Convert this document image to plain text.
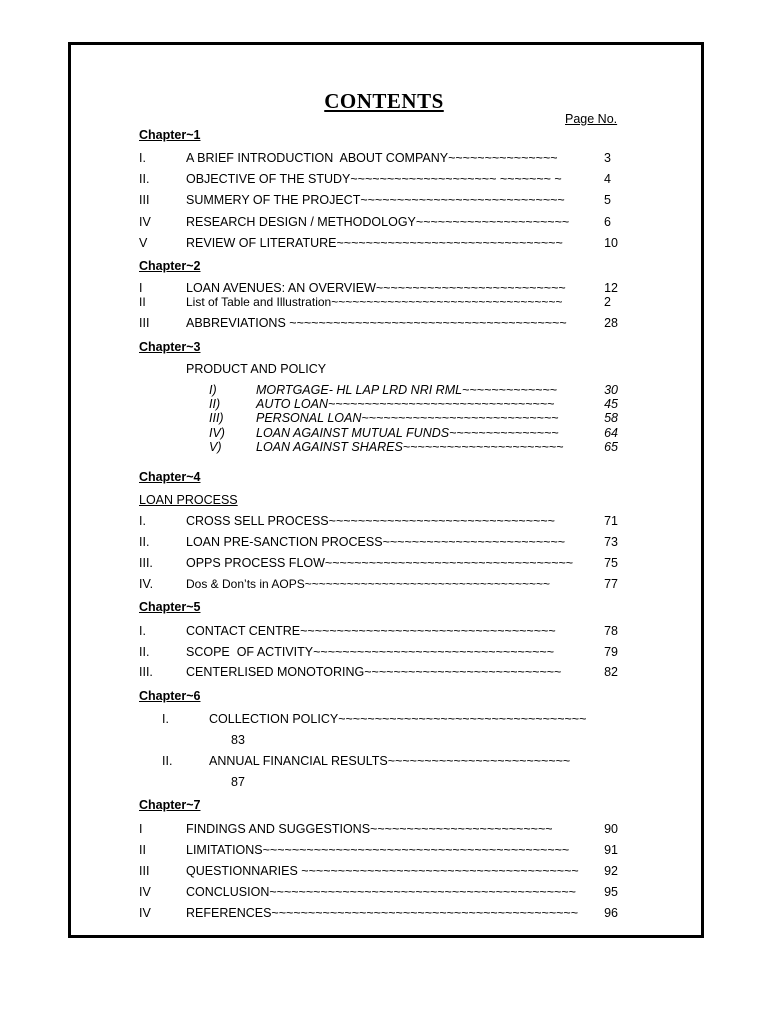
CONTENTS
Page No.
Chapter~1
I.	A BRIEF INTRODUCTION  ABOUT COMPANY~~~~~~~~~~~~~~~	3
II.	OBJECTIVE OF THE STUDY~~~~~~~~~~~~~~~~~~~~ ~~~~~~~ ~	4
III	SUMMERY OF THE PROJECT~~~~~~~~~~~~~~~~~~~~~~~~~~~~	5
IV	RESEARCH DESIGN / METHODOLOGY~~~~~~~~~~~~~~~~~~~~~	6
V	REVIEW OF LITERATURE~~~~~~~~~~~~~~~~~~~~~~~~~~~~~~~	10
Chapter~2
I	LOAN AVENUES: AN OVERVIEW~~~~~~~~~~~~~~~~~~~~~~~~~~	12
II	List of Table and Illustration~~~~~~~~~~~~~~~~~~~~~~~~~~~~~~~~~	2
III	ABBREVIATIONS ~~~~~~~~~~~~~~~~~~~~~~~~~~~~~~~~~~~~~~	28
Chapter~3
PRODUCT AND POLICY
I)	MORTGAGE- HL LAP LRD NRI RML~~~~~~~~~~~~~	30
II)	AUTO LOAN~~~~~~~~~~~~~~~~~~~~~~~~~~~~~~~	45
III)	PERSONAL LOAN~~~~~~~~~~~~~~~~~~~~~~~~~~~	58
IV) LOAN AGAINST MUTUAL FUNDS~~~~~~~~~~~~~~~	64
V)	LOAN AGAINST SHARES~~~~~~~~~~~~~~~~~~~~~~	65
Chapter~4
LOAN PROCESS
I.	CROSS SELL PROCESS~~~~~~~~~~~~~~~~~~~~~~~~~~~~~~~	71
II.	LOAN PRE-SANCTION PROCESS~~~~~~~~~~~~~~~~~~~~~~~~~	73
III.	OPPS PROCESS FLOW~~~~~~~~~~~~~~~~~~~~~~~~~~~~~~~~~~	75
IV.	Dos & Don’ts in AOPS~~~~~~~~~~~~~~~~~~~~~~~~~~~~~~~~~~~	77
Chapter~5
I.	CONTACT CENTRE~~~~~~~~~~~~~~~~~~~~~~~~~~~~~~~~~~~	78
II.	SCOPE  OF ACTIVITY~~~~~~~~~~~~~~~~~~~~~~~~~~~~~~~~~	79
III.	CENTERLISED MONOTORING~~~~~~~~~~~~~~~~~~~~~~~~~~~	82
Chapter~6
I.	COLLECTION POLICY~~~~~~~~~~~~~~~~~~~~~~~~~~~~~~~~~~
83
II.	ANNUAL FINANCIAL RESULTS~~~~~~~~~~~~~~~~~~~~~~~~~
87
Chapter~7
I	FINDINGS AND SUGGESTIONS~~~~~~~~~~~~~~~~~~~~~~~~~	90
II	LIMITATIONS~~~~~~~~~~~~~~~~~~~~~~~~~~~~~~~~~~~~~~~~~~	91
III	QUESTIONNARIES ~~~~~~~~~~~~~~~~~~~~~~~~~~~~~~~~~~~~~~	92
IV	CONCLUSION~~~~~~~~~~~~~~~~~~~~~~~~~~~~~~~~~~~~~~~~~~	95
IV	REFERENCES~~~~~~~~~~~~~~~~~~~~~~~~~~~~~~~~~~~~~~~~~~	96
